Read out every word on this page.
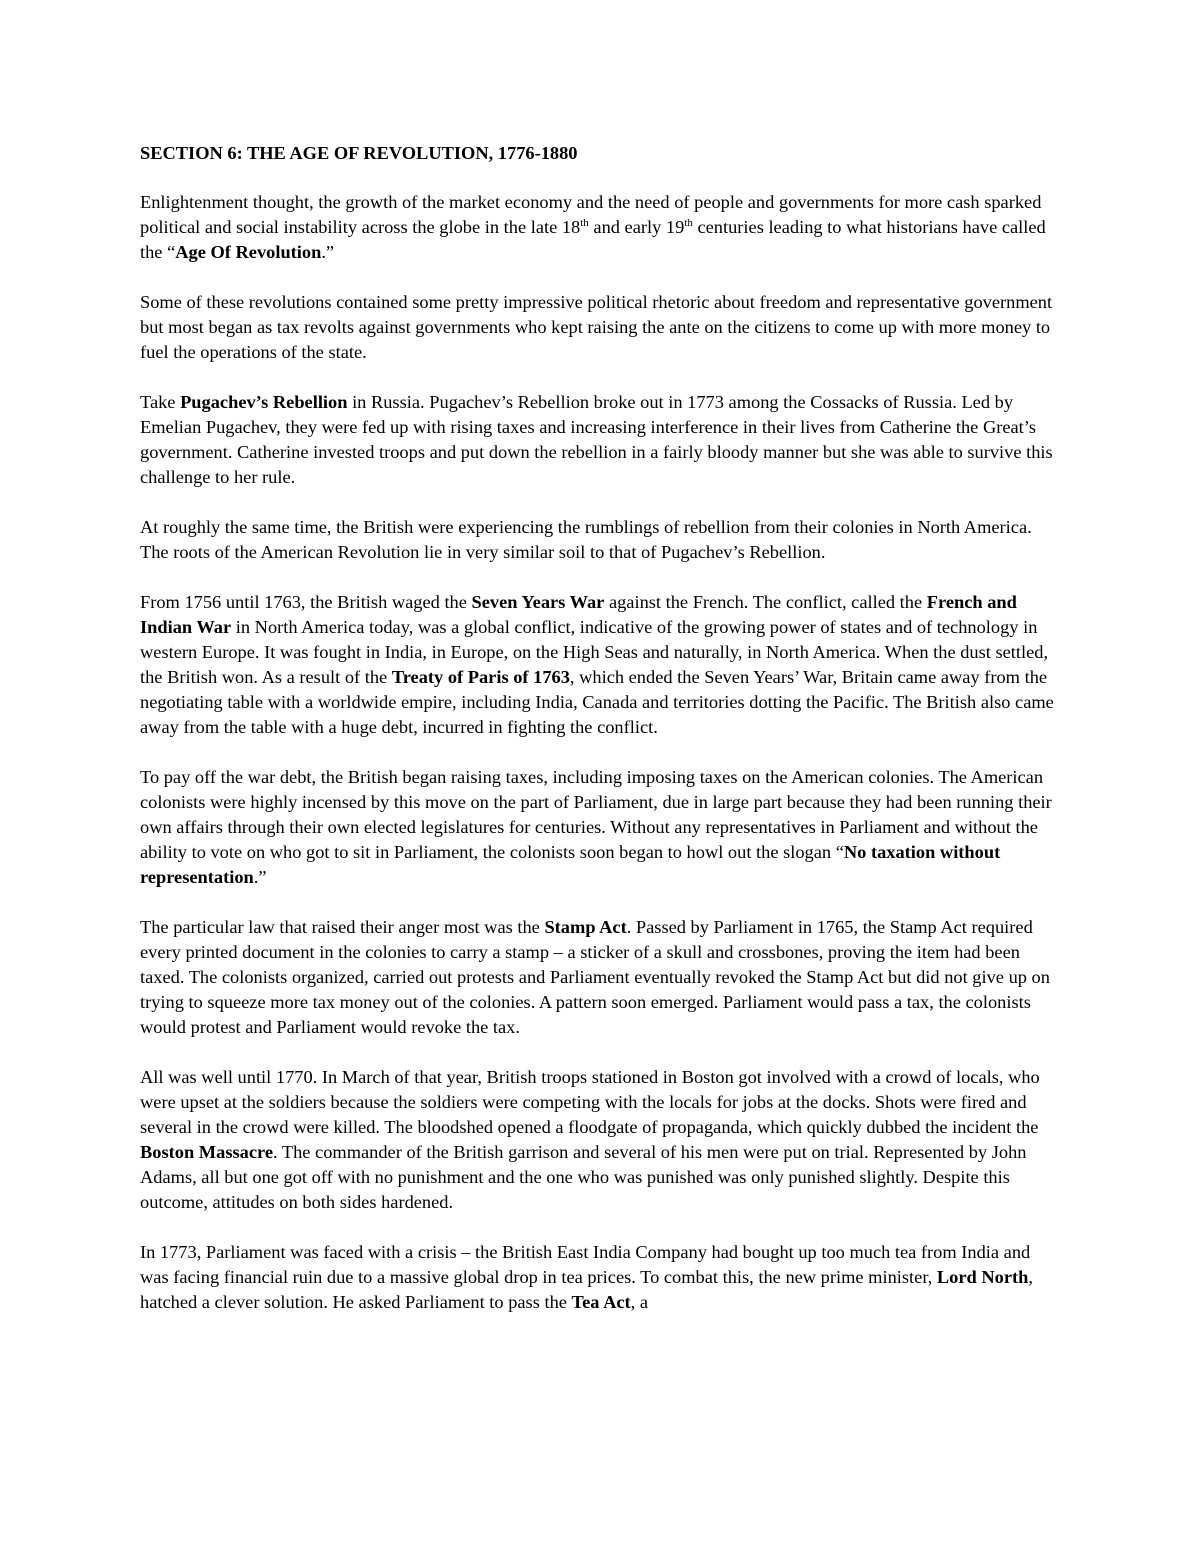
SECTION 6: THE AGE OF REVOLUTION, 1776-1880

Enlightenment thought, the growth of the market economy and the need of people and governments for more cash sparked political and social instability across the globe in the late 18th and early 19th centuries leading to what historians have called the “Age Of Revolution.”

Some of these revolutions contained some pretty impressive political rhetoric about freedom and representative government but most began as tax revolts against governments who kept raising the ante on the citizens to come up with more money to fuel the operations of the state.

Take Pugachev’s Rebellion in Russia. Pugachev’s Rebellion broke out in 1773 among the Cossacks of Russia. Led by Emelian Pugachev, they were fed up with rising taxes and increasing interference in their lives from Catherine the Great’s government. Catherine invested troops and put down the rebellion in a fairly bloody manner but she was able to survive this challenge to her rule.

At roughly the same time, the British were experiencing the rumblings of rebellion from their colonies in North America. The roots of the American Revolution lie in very similar soil to that of Pugachev’s Rebellion.

From 1756 until 1763, the British waged the Seven Years War against the French. The conflict, called the French and Indian War in North America today, was a global conflict, indicative of the growing power of states and of technology in western Europe. It was fought in India, in Europe, on the High Seas and naturally, in North America. When the dust settled, the British won. As a result of the Treaty of Paris of 1763, which ended the Seven Years’ War, Britain came away from the negotiating table with a worldwide empire, including India, Canada and territories dotting the Pacific. The British also came away from the table with a huge debt, incurred in fighting the conflict.

To pay off the war debt, the British began raising taxes, including imposing taxes on the American colonies. The American colonists were highly incensed by this move on the part of Parliament, due in large part because they had been running their own affairs through their own elected legislatures for centuries. Without any representatives in Parliament and without the ability to vote on who got to sit in Parliament, the colonists soon began to howl out the slogan “No taxation without representation.”

The particular law that raised their anger most was the Stamp Act. Passed by Parliament in 1765, the Stamp Act required every printed document in the colonies to carry a stamp – a sticker of a skull and crossbones, proving the item had been taxed. The colonists organized, carried out protests and Parliament eventually revoked the Stamp Act but did not give up on trying to squeeze more tax money out of the colonies. A pattern soon emerged. Parliament would pass a tax, the colonists would protest and Parliament would revoke the tax.

All was well until 1770. In March of that year, British troops stationed in Boston got involved with a crowd of locals, who were upset at the soldiers because the soldiers were competing with the locals for jobs at the docks. Shots were fired and several in the crowd were killed. The bloodshed opened a floodgate of propaganda, which quickly dubbed the incident the Boston Massacre. The commander of the British garrison and several of his men were put on trial. Represented by John Adams, all but one got off with no punishment and the one who was punished was only punished slightly. Despite this outcome, attitudes on both sides hardened.

In 1773, Parliament was faced with a crisis – the British East India Company had bought up too much tea from India and was facing financial ruin due to a massive global drop in tea prices. To combat this, the new prime minister, Lord North, hatched a clever solution. He asked Parliament to pass the Tea Act, a
